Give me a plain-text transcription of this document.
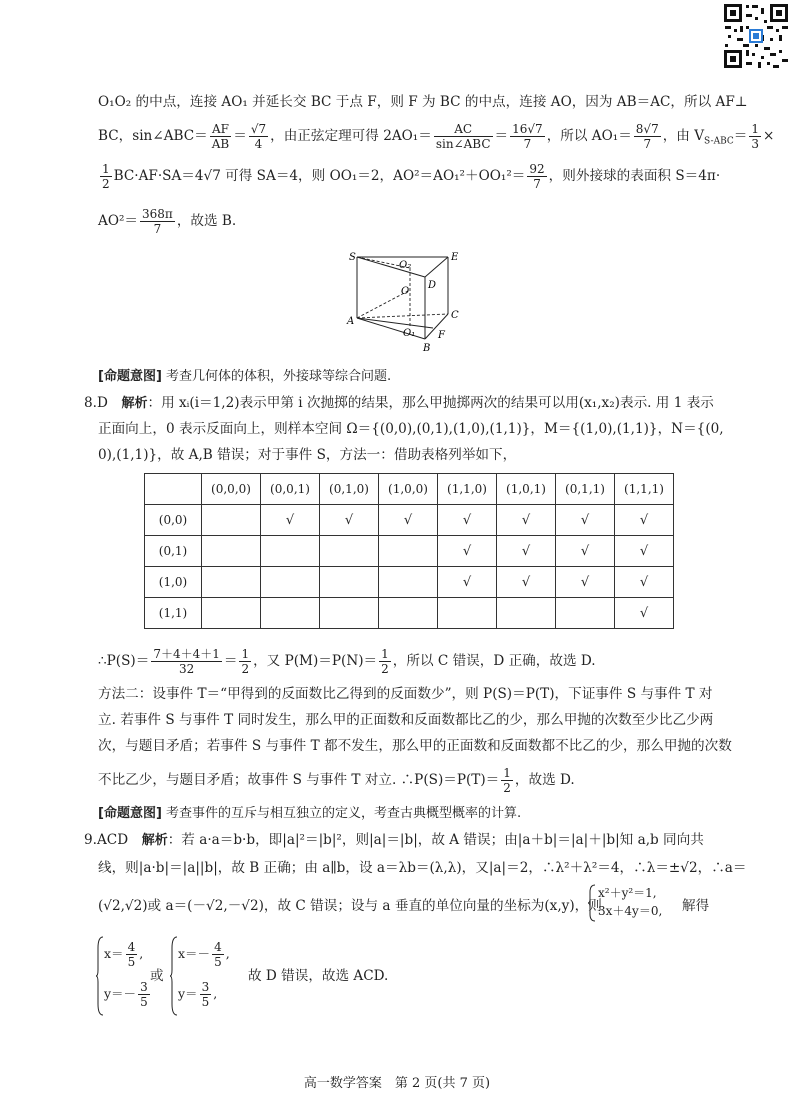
O₁O₂ 的中点，连接 AO₁ 并延长交 BC 于点 F，则 F 为 BC 的中点，连接 AO，因为 AB＝AC，所以 AF⊥
BC，sin∠ABC＝ $\frac{AF}{AB} = \frac{√7}{4}$ ，由正弦定理可得 $2AO_1= \frac{AC}{\text{sin∠ABC}} = \frac{16√7}{7}$ ，所以 $AO_1= \frac{8√7}{7}$ ，由 $V_{S-ABC}= \frac{1}{3}$ ×
$\frac{1}{2} BC\cdot AF\cdot SA=4√7$ 可得 SA＝4，则 OO₁＝2，$AO^2=AO_1^2+OO_1^2= \frac{92}{7}$ ，则外接球的表面积 S＝4π·
$AO^2= \frac{368\pi}{7}$ ，故选 B.
S
O₂
E
O
D
A
C
O₁ F
B
[命题意图] 考查几何体的体积，外接球等综合问题.
8.D　 解析：用 xᵢ(i＝1,2)表示甲第 i 次抛掷的结果，那么甲抛掷两次的结果可以用(x₁,x₂)表示. 用 1 表示
正面向上，0 表示反面向上，则样本空间 Ω＝{(0,0),(0,1),(1,0),(1,1)}，M＝{(1,0),(1,1)}，N＝{(0,
0),(1,1)}，故 A,B 错误；对于事件 S，方法一：借助表格列举如下，
	(0,0,0)	(0,0,1)	(0,1,0)	(1,0,0)	(1,1,0)	(1,0,1)	(0,1,1)	(1,1,1)
(0,0)		√	√	√	√	√	√	√
(0,1)					√	√	√	√
(1,0)					√	√	√	√
(1,1)								√
∴P(S)＝ $\frac{7+4+4+1}{32} = \frac{1}{2}$ ，又 $P(M)=P(N)= \frac{1}{2}$ ，所以 C 错误，D 正确，故选 D.
方法二：设事件 T＝“甲得到的反面数比乙得到的反面数少”，则 P(S)＝P(T)，下证事件 S 与事件 T 对
立. 若事件 S 与事件 T 同时发生，那么甲的正面数和反面数都比乙的少，那么甲抛的次数至少比乙少两
次，与题目矛盾；若事件 S 与事件 T 都不发生，那么甲的正面数和反面数都不比乙的少，那么甲抛的次数
不比乙少，与题目矛盾；故事件 S 与事件 T 对立. ∴P(S)＝P(T)＝ $\frac{1}{2}$ ，故选 D.
[命题意图] 考查事件的互斥与相互独立的定义，考查古典概型概率的计算.
9.ACD　 解析：若 a·a＝b·b，即|a|²＝|b|²，则|a|＝|b|，故 A 错误；由|a＋b|＝|a|＋|b|知 a,b 同向共
线，则|a·b|＝|a||b|，故 B 正确；由 a∥b，设 a＝λb＝(λ,λ)，又|a|＝2，∴λ²＋λ²＝4，∴λ＝±√2，∴a＝
(√2,√2)或 a＝(－√2,－√2)，故 C 错误；设与 a 垂直的单位向量的坐标为(x,y)，则
x²＋y²＝1,
3x＋4y＝0, 解得
$x= \frac{4}{5}$ ,
$y=- \frac{3}{5}$
或
$x=- \frac{4}{5}$ ,
$y= \frac{3}{5}$ ,
故 D 错误，故选 ACD.
高一数学答案　第 2 页(共 7 页)
